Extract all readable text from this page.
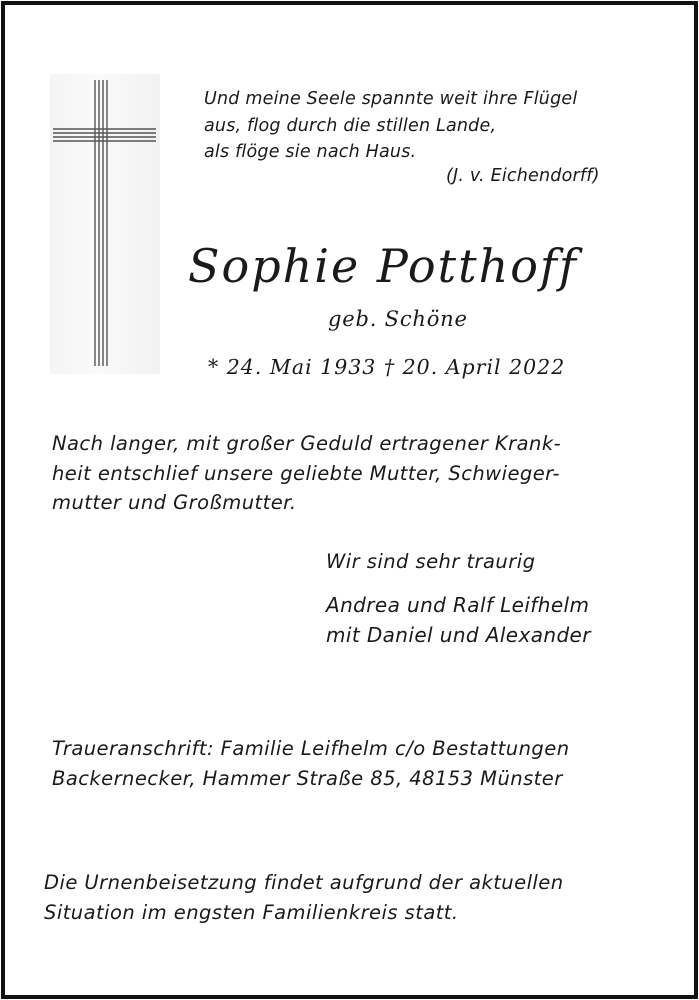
Und meine Seele spannte weit ihre Flügel
aus, flog durch die stillen Lande,
als flöge sie nach Haus.
(J. v. Eichendorff)
Sophie Potthoff
geb. Schöne
* 24. Mai 1933 † 20. April 2022
Nach langer, mit großer Geduld ertragener Krank-
heit entschlief unsere geliebte Mutter, Schwieger-
mutter und Großmutter.
Wir sind sehr traurig
Andrea und Ralf Leifhelm
mit Daniel und Alexander
Traueranschrift: Familie Leifhelm c/o Bestattungen
Backernecker, Hammer Straße 85, 48153 Münster
Die Urnenbeisetzung findet aufgrund der aktuellen
Situation im engsten Familienkreis statt.
